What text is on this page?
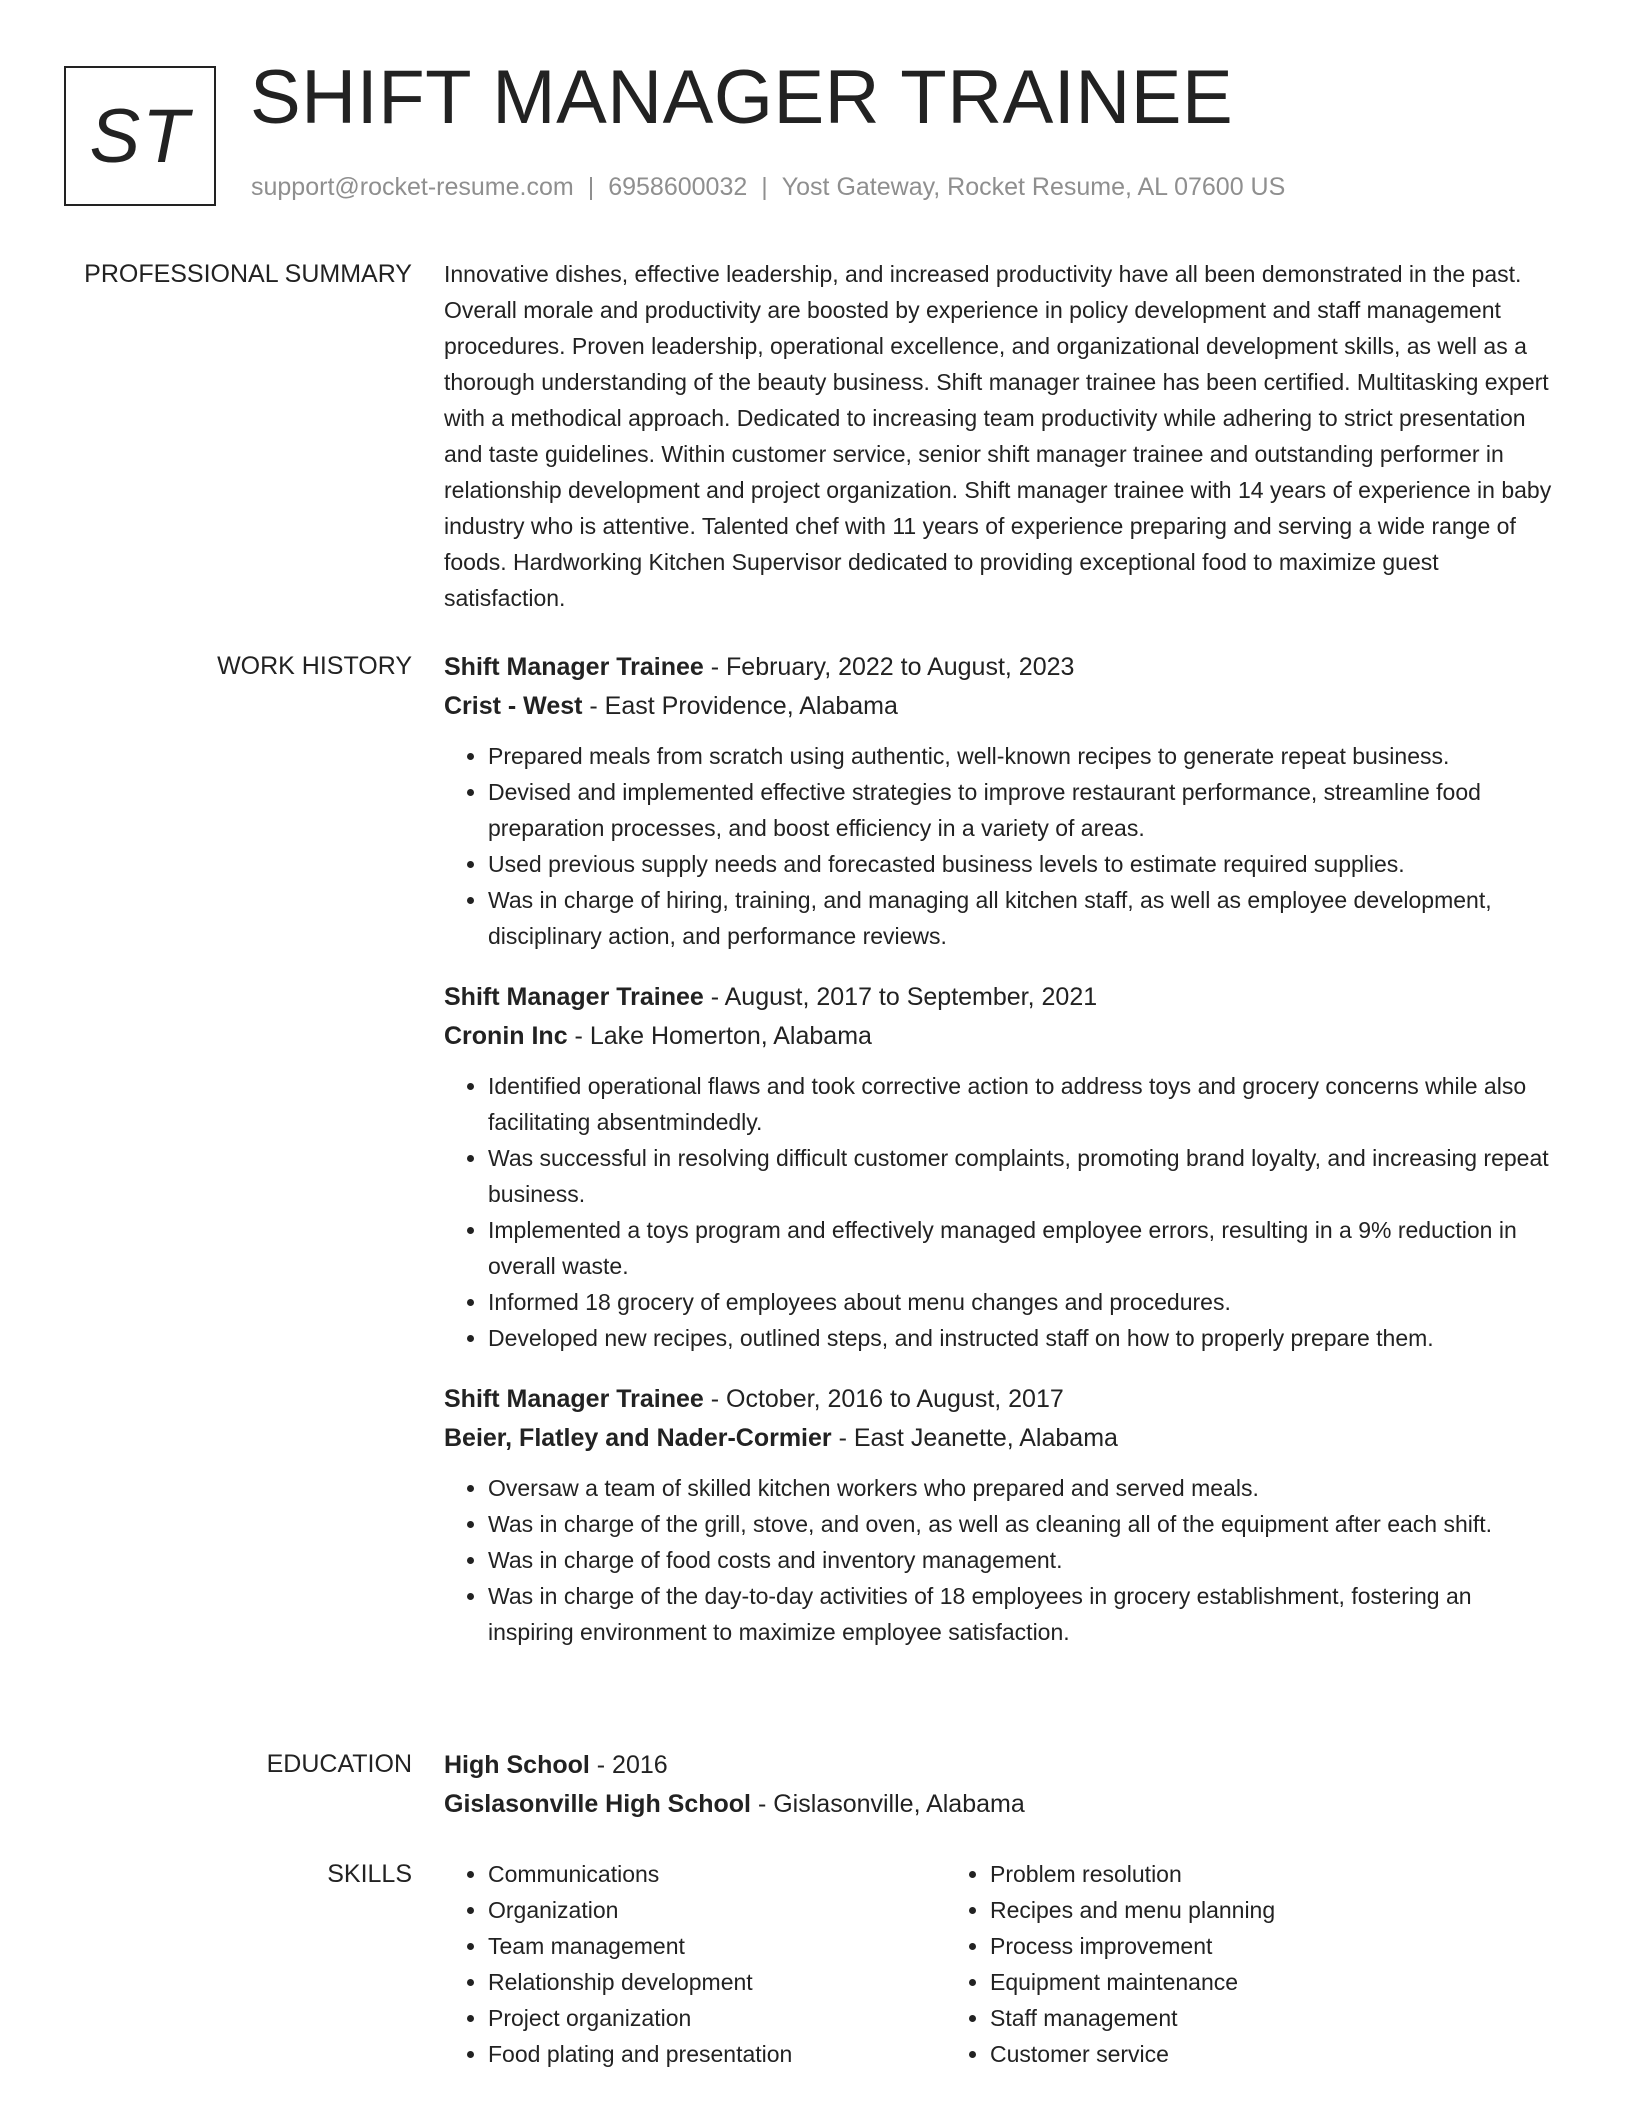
ST SHIFT MANAGER TRAINEE
support@rocket-resume.com | 6958600032 | Yost Gateway, Rocket Resume, AL 07600 US
PROFESSIONAL SUMMARY Innovative dishes, effective leadership, and increased productivity have all been demonstrated in the past. Overall morale and productivity are boosted by experience in policy development and staff management procedures. Proven leadership, operational excellence, and organizational development skills, as well as a thorough understanding of the beauty business. Shift manager trainee has been certified. Multitasking expert with a methodical approach. Dedicated to increasing team productivity while adhering to strict presentation and taste guidelines. Within customer service, senior shift manager trainee and outstanding performer in relationship development and project organization. Shift manager trainee with 14 years of experience in baby industry who is attentive. Talented chef with 11 years of experience preparing and serving a wide range of foods. Hardworking Kitchen Supervisor dedicated to providing exceptional food to maximize guest satisfaction.

WORK HISTORY Shift Manager Trainee - February, 2022 to August, 2023
Crist - West - East Providence, Alabama
• Prepared meals from scratch using authentic, well-known recipes to generate repeat business.
• Devised and implemented effective strategies to improve restaurant performance, streamline food preparation processes, and boost efficiency in a variety of areas.
• Used previous supply needs and forecasted business levels to estimate required supplies.
• Was in charge of hiring, training, and managing all kitchen staff, as well as employee development, disciplinary action, and performance reviews.
Shift Manager Trainee - August, 2017 to September, 2021
Cronin Inc - Lake Homerton, Alabama
• Identified operational flaws and took corrective action to address toys and grocery concerns while also facilitating absentmindedly.
• Was successful in resolving difficult customer complaints, promoting brand loyalty, and increasing repeat business.
• Implemented a toys program and effectively managed employee errors, resulting in a 9% reduction in overall waste.
• Informed 18 grocery of employees about menu changes and procedures.
• Developed new recipes, outlined steps, and instructed staff on how to properly prepare them.
Shift Manager Trainee - October, 2016 to August, 2017
Beier, Flatley and Nader-Cormier - East Jeanette, Alabama
• Oversaw a team of skilled kitchen workers who prepared and served meals.
• Was in charge of the grill, stove, and oven, as well as cleaning all of the equipment after each shift.
• Was in charge of food costs and inventory management.
• Was in charge of the day-to-day activities of 18 employees in grocery establishment, fostering an inspiring environment to maximize employee satisfaction.
EDUCATION High School - 2016
Gislasonville High School - Gislasonville, Alabama
SKILLS
•	Communications
• Organization
• Team management
• Relationship development
• Project organization
• Food plating and presentation
• Problem resolution
• Recipes and menu planning
• Process improvement
• Equipment maintenance
• Staff management
• Customer service
